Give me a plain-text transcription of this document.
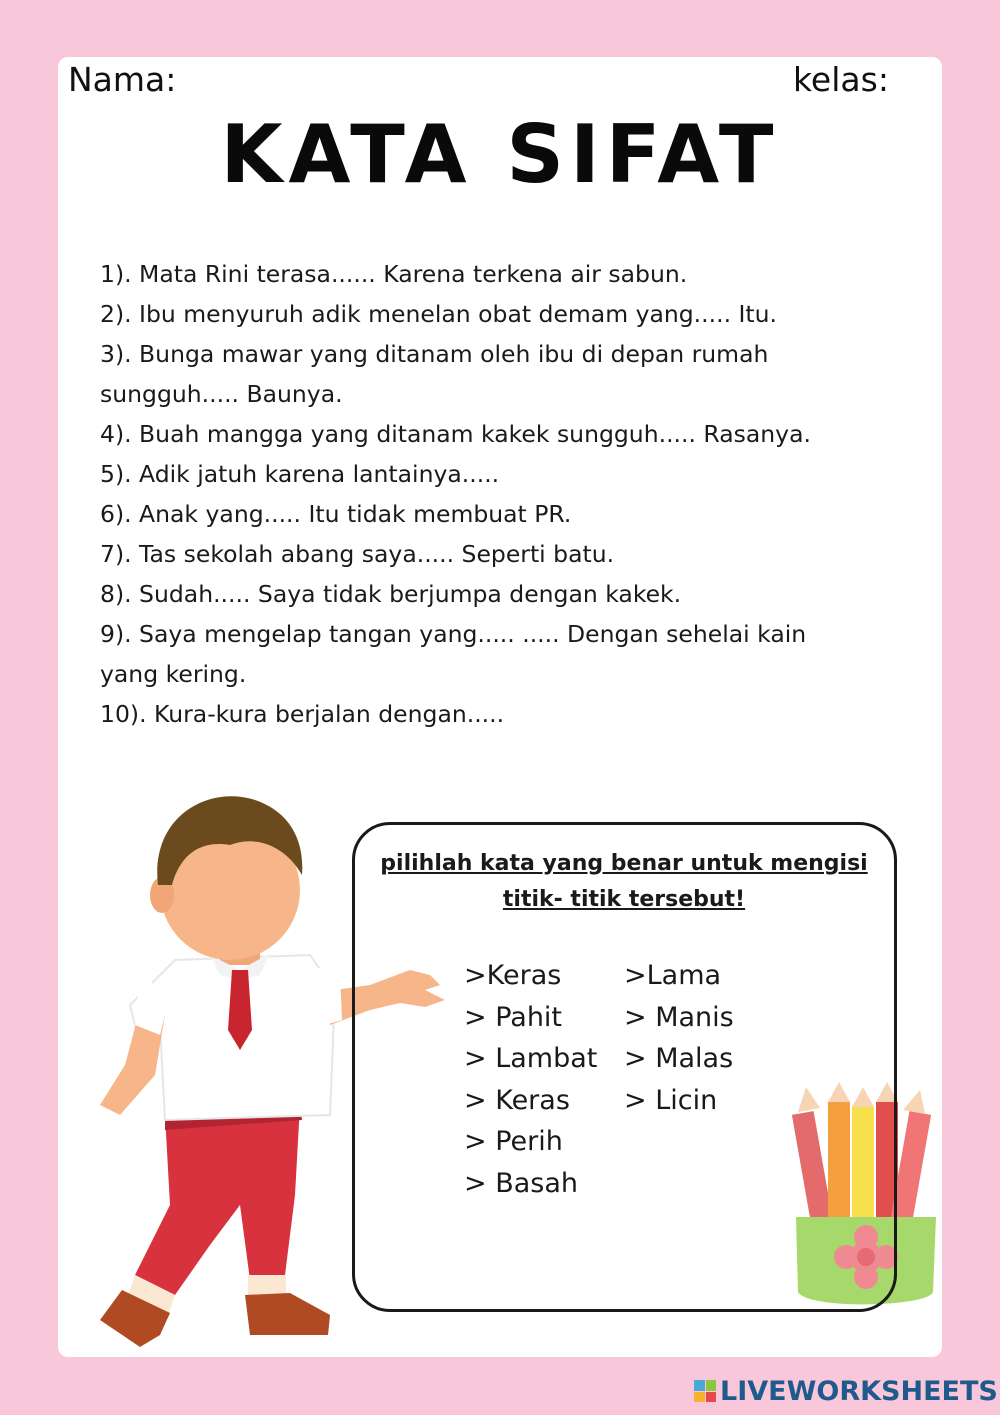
Nama:	kelas:
KATA SIFAT
1). Mata Rini terasa...... Karena terkena air sabun.
2). Ibu menyuruh adik menelan obat demam yang..... Itu.
3). Bunga mawar yang ditanam oleh ibu di depan rumah
sungguh..... Baunya.
4). Buah mangga yang ditanam kakek sungguh..... Rasanya.
5). Adik jatuh karena lantainya.....
6). Anak yang..... Itu tidak membuat PR.
7). Tas sekolah abang saya..... Seperti batu.
8). Sudah..... Saya tidak berjumpa dengan kakek.
9). Saya mengelap tangan yang..... ..... Dengan sehelai kain
yang kering.
10). Kura-kura berjalan dengan.....
pilihlah kata yang benar untuk mengisi
titik- titik tersebut!
>Keras
> Pahit
> Lambat
> Keras
> Perih
> Basah
>Lama
> Manis
> Malas
> Licin
LIVEWORKSHEETS
